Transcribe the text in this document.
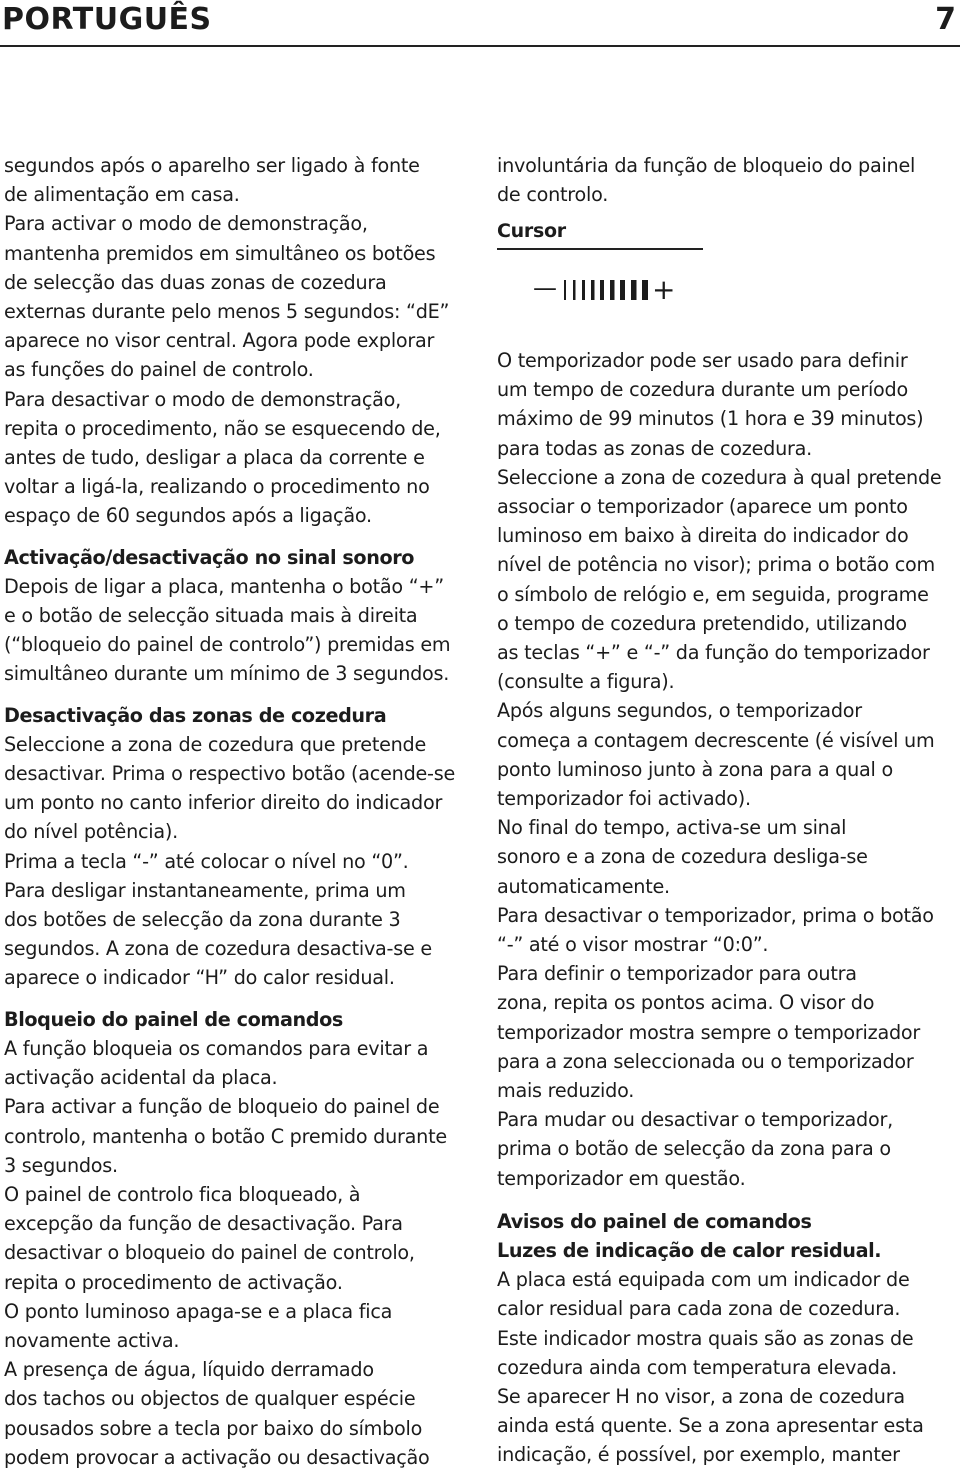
PORTUGUÊS	7
segundos após o aparelho ser ligado à fonte
de alimentação em casa.
Para activar o modo de demonstração,
mantenha premidos em simultâneo os botões
de selecção das duas zonas de cozedura
externas durante pelo menos 5 segundos: “dE”
aparece no visor central. Agora pode explorar
as funções do painel de controlo.
Para desactivar o modo de demonstração,
repita o procedimento, não se esquecendo de,
antes de tudo, desligar a placa da corrente e
voltar a ligá-la, realizando o procedimento no
espaço de 60 segundos após a ligação.
Activação/desactivação no sinal sonoro
Depois de ligar a placa, mantenha o botão “+”
e o botão de selecção situada mais à direita
(“bloqueio do painel de controlo”) premidas em
simultâneo durante um mínimo de 3 segundos.
Desactivação das zonas de cozedura
Seleccione a zona de cozedura que pretende
desactivar. Prima o respectivo botão (acende-se
um ponto no canto inferior direito do indicador
do nível potência).
Prima a tecla “-” até colocar o nível no “0”.
Para desligar instantaneamente, prima um
dos botões de selecção da zona durante 3
segundos. A zona de cozedura desactiva-se e
aparece o indicador “H” do calor residual.
Bloqueio do painel de comandos
A função bloqueia os comandos para evitar a
activação acidental da placa.
Para activar a função de bloqueio do painel de
controlo, mantenha o botão C premido durante
3 segundos.
O painel de controlo fica bloqueado, à
excepção da função de desactivação. Para
desactivar o bloqueio do painel de controlo,
repita o procedimento de activação.
O ponto luminoso apaga-se e a placa fica
novamente activa.
A presença de água, líquido derramado
dos tachos ou objectos de qualquer espécie
pousados sobre a tecla por baixo do símbolo
podem provocar a activação ou desactivação
involuntária da função de bloqueio do painel
de controlo.
Cursor
—	+
O temporizador pode ser usado para definir
um tempo de cozedura durante um período
máximo de 99 minutos (1 hora e 39 minutos)
para todas as zonas de cozedura.
Seleccione a zona de cozedura à qual pretende
associar o temporizador (aparece um ponto
luminoso em baixo à direita do indicador do
nível de potência no visor); prima o botão com
o símbolo de relógio e, em seguida, programe
o tempo de cozedura pretendido, utilizando
as teclas “+” e “-” da função do temporizador
(consulte a figura).
Após alguns segundos, o temporizador
começa a contagem decrescente (é visível um
ponto luminoso junto à zona para a qual o
temporizador foi activado).
No final do tempo, activa-se um sinal
sonoro e a zona de cozedura desliga-se
automaticamente.
Para desactivar o temporizador, prima o botão
“-” até o visor mostrar “0:0”.
Para definir o temporizador para outra
zona, repita os pontos acima. O visor do
temporizador mostra sempre o temporizador
para a zona seleccionada ou o temporizador
mais reduzido.
Para mudar ou desactivar o temporizador,
prima o botão de selecção da zona para o
temporizador em questão.
Avisos do painel de comandos
Luzes de indicação de calor residual.
A placa está equipada com um indicador de
calor residual para cada zona de cozedura.
Este indicador mostra quais são as zonas de
cozedura ainda com temperatura elevada.
Se aparecer H no visor, a zona de cozedura
ainda está quente. Se a zona apresentar esta
indicação, é possível, por exemplo, manter
